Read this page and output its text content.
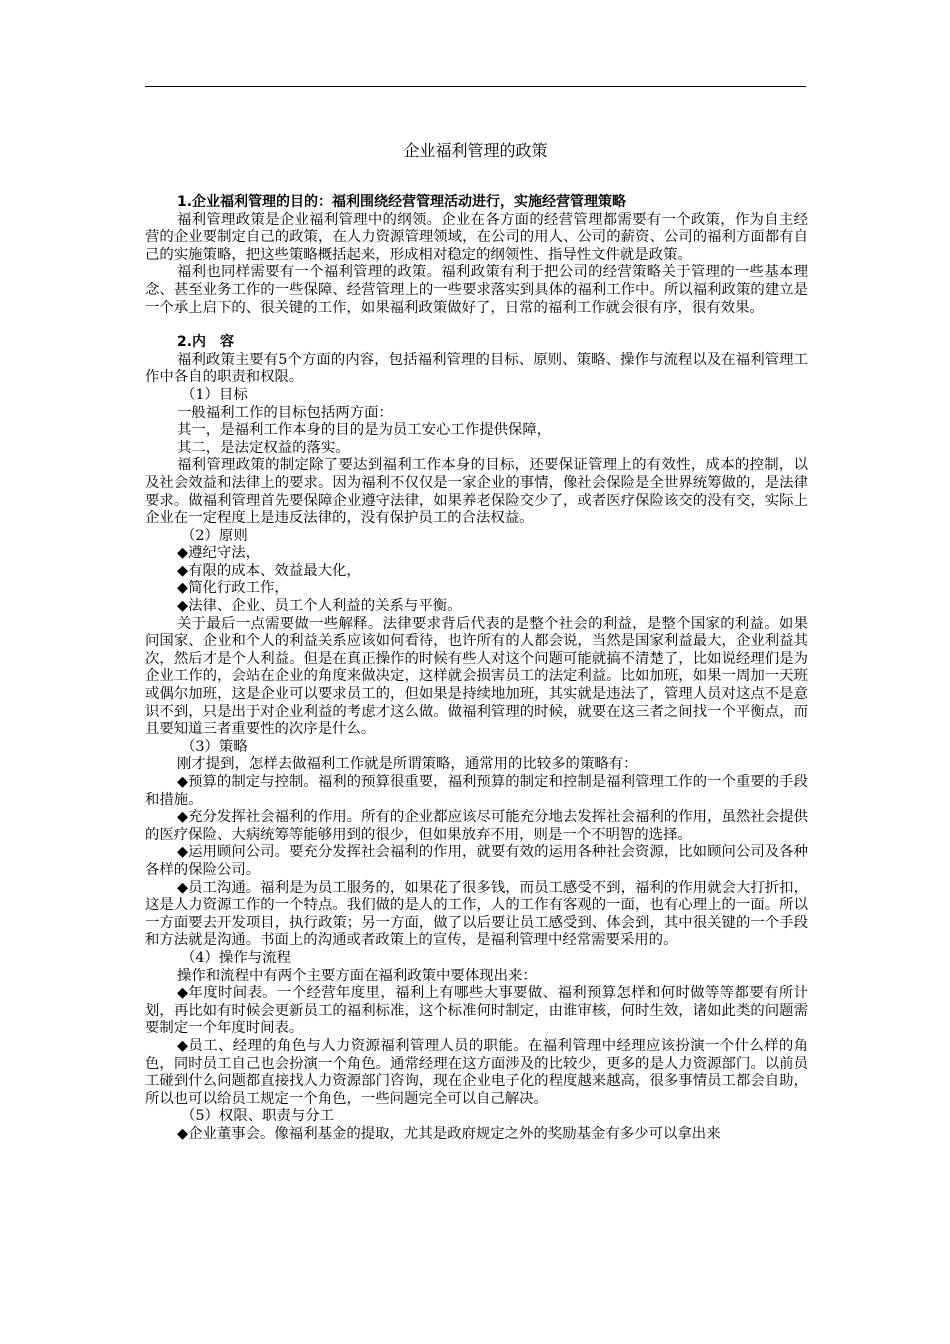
企业福利管理的政策
1.企业福利管理的目的：福利围绕经营管理活动进行，实施经营管理策略
福利管理政策是企业福利管理中的纲领。企业在各方面的经营管理都需要有一个政策，作为自主经营的企业要制定自己的政策，在人力资源管理领域，在公司的用人、公司的薪资、公司的福利方面都有自己的实施策略，把这些策略概括起来，形成相对稳定的纲领性、指导性文件就是政策。
福利也同样需要有一个福利管理的政策。福利政策有利于把公司的经营策略关于管理的一些基本理念、甚至业务工作的一些保障、经营管理上的一些要求落实到具体的福利工作中。所以福利政策的建立是一个承上启下的、很关键的工作，如果福利政策做好了，日常的福利工作就会很有序，很有效果。
2.内　容
福利政策主要有5个方面的内容，包括福利管理的目标、原则、策略、操作与流程以及在福利管理工作中各自的职责和权限。
（1）目标
一般福利工作的目标包括两方面：
其一，是福利工作本身的目的是为员工安心工作提供保障，
其二，是法定权益的落实。
福利管理政策的制定除了要达到福利工作本身的目标，还要保证管理上的有效性，成本的控制，以及社会效益和法律上的要求。因为福利不仅仅是一家企业的事情，像社会保险是全世界统筹做的，是法律要求。做福利管理首先要保障企业遵守法律，如果养老保险交少了，或者医疗保险该交的没有交，实际上企业在一定程度上是违反法律的，没有保护员工的合法权益。
（2）原则
◆遵纪守法，
◆有限的成本、效益最大化，
◆简化行政工作，
◆法律、企业、员工个人利益的关系与平衡。
关于最后一点需要做一些解释。法律要求背后代表的是整个社会的利益，是整个国家的利益。如果问国家、企业和个人的利益关系应该如何看待，也许所有的人都会说，当然是国家利益最大，企业利益其次，然后才是个人利益。但是在真正操作的时候有些人对这个问题可能就搞不清楚了，比如说经理们是为企业工作的，会站在企业的角度来做决定，这样就会损害员工的法定利益。比如加班，如果一周加一天班或偶尔加班，这是企业可以要求员工的，但如果是持续地加班，其实就是违法了，管理人员对这点不是意识不到，只是出于对企业利益的考虑才这么做。做福利管理的时候，就要在这三者之间找一个平衡点，而且要知道三者重要性的次序是什么。
（3）策略
刚才提到，怎样去做福利工作就是所谓策略，通常用的比较多的策略有：
◆预算的制定与控制。福利的预算很重要，福利预算的制定和控制是福利管理工作的一个重要的手段和措施。
◆充分发挥社会福利的作用。所有的企业都应该尽可能充分地去发挥社会福利的作用，虽然社会提供的医疗保险、大病统筹等能够用到的很少，但如果放弃不用，则是一个不明智的选择。
◆运用顾问公司。要充分发挥社会福利的作用，就要有效的运用各种社会资源，比如顾问公司及各种各样的保险公司。
◆员工沟通。福利是为员工服务的，如果花了很多钱，而员工感受不到，福利的作用就会大打折扣，这是人力资源工作的一个特点。我们做的是人的工作，人的工作有客观的一面，也有心理上的一面。所以一方面要去开发项目，执行政策；另一方面，做了以后要让员工感受到、体会到，其中很关键的一个手段和方法就是沟通。书面上的沟通或者政策上的宣传，是福利管理中经常需要采用的。
（4）操作与流程
操作和流程中有两个主要方面在福利政策中要体现出来：
◆年度时间表。一个经营年度里，福利上有哪些大事要做、福利预算怎样和何时做等等都要有所计划，再比如有时候会更新员工的福利标准，这个标准何时制定，由谁审核，何时生效，诸如此类的问题需要制定一个年度时间表。
◆员工、经理的角色与人力资源福利管理人员的职能。在福利管理中经理应该扮演一个什么样的角色，同时员工自己也会扮演一个角色。通常经理在这方面涉及的比较少，更多的是人力资源部门。以前员工碰到什么问题都直接找人力资源部门咨询，现在企业电子化的程度越来越高，很多事情员工都会自助，所以也可以给员工规定一个角色，一些问题完全可以自己解决。
（5）权限、职责与分工
◆企业董事会。像福利基金的提取，尤其是政府规定之外的奖励基金有多少可以拿出来
